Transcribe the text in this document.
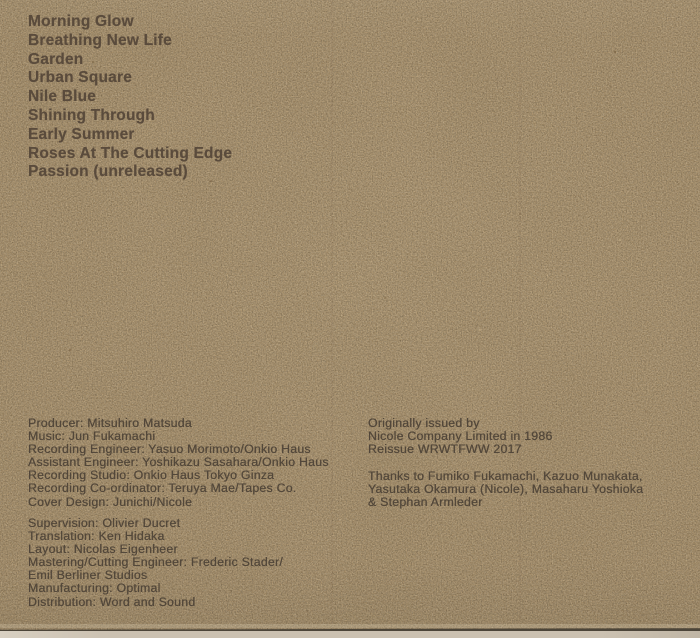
Morning Glow
Breathing New Life
Garden
Urban Square
Nile Blue
Shining Through
Early Summer
Roses At The Cutting Edge
Passion (unreleased)
Producer: Mitsuhiro Matsuda
Music: Jun Fukamachi
Recording Engineer: Yasuo Morimoto/Onkio Haus
Assistant Engineer: Yoshikazu Sasahara/Onkio Haus
Recording Studio: Onkio Haus Tokyo Ginza
Recording Co-ordinator: Teruya Mae/Tapes Co.
Cover Design: Junichi/Nicole
Supervision: Olivier Ducret
Translation: Ken Hidaka
Layout: Nicolas Eigenheer
Mastering/Cutting Engineer: Frederic Stader/
Emil Berliner Studios
Manufacturing: Optimal
Distribution: Word and Sound
Originally issued by
Nicole Company Limited in 1986
Reissue WRWTFWW 2017
Thanks to Fumiko Fukamachi, Kazuo Munakata,
Yasutaka Okamura (Nicole), Masaharu Yoshioka
& Stephan Armleder
